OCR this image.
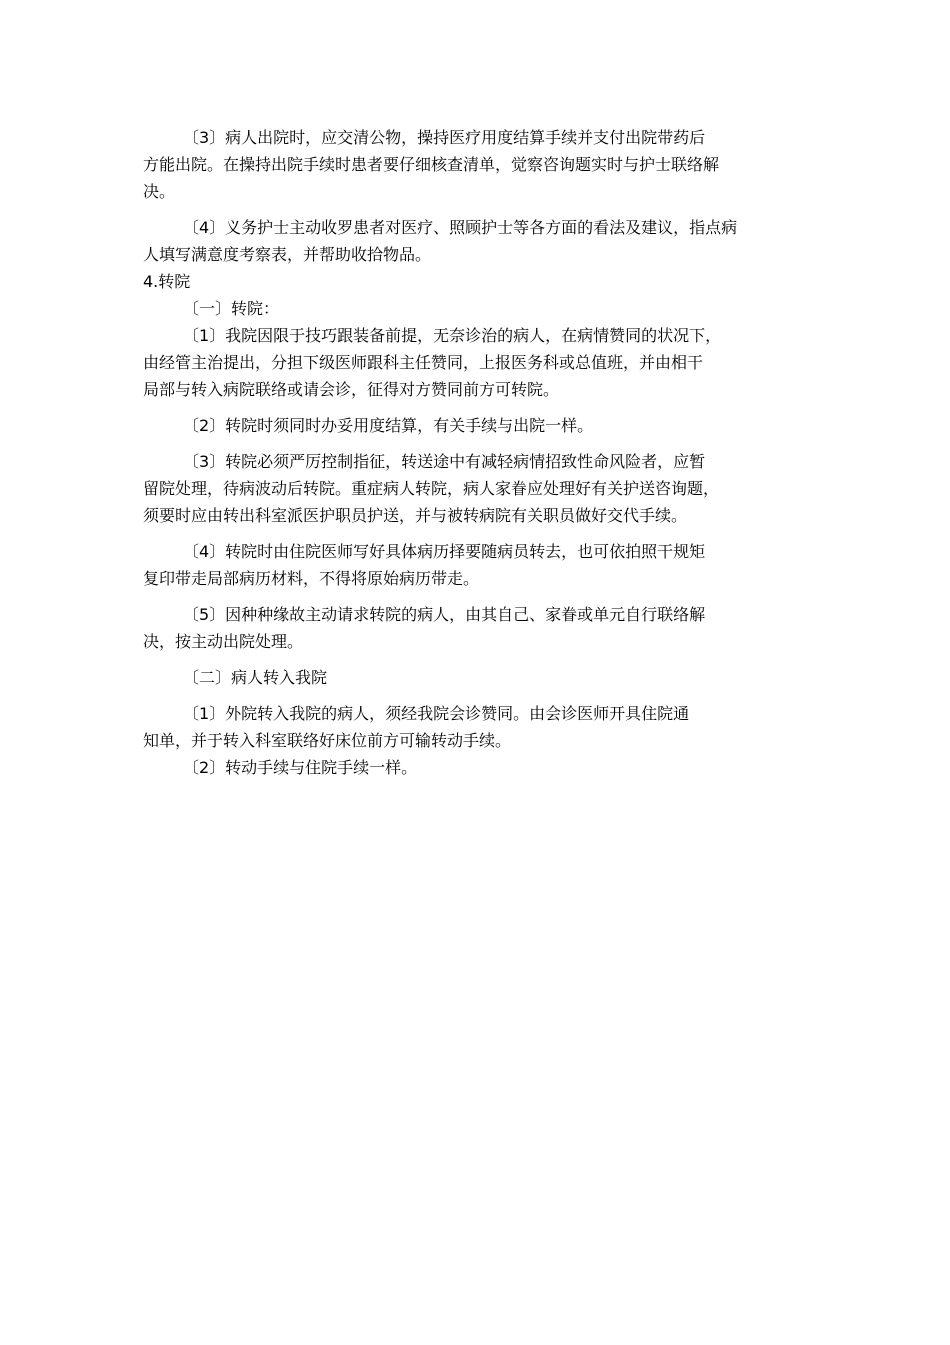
〔3〕病人出院时，应交清公物，操持医疗用度结算手续并支付出院带药后
方能出院。在操持出院手续时患者要仔细核查清单，觉察咨询题实时与护士联络解
决。

〔4〕义务护士主动收罗患者对医疗、照顾护士等各方面的看法及建议，指点病
人填写满意度考察表，并帮助收拾物品。

4.转院

〔一〕转院：

〔1〕我院因限于技巧跟装备前提，无奈诊治的病人，在病情赞同的状况下，
由经管主治提出，分担下级医师跟科主任赞同，上报医务科或总值班，并由相干
局部与转入病院联络或请会诊，征得对方赞同前方可转院。

〔2〕转院时须同时办妥用度结算，有关手续与出院一样。

〔3〕转院必须严厉控制指征，转送途中有减轻病情招致性命风险者，应暂
留院处理，待病波动后转院。重症病人转院，病人家眷应处理好有关护送咨询题，
须要时应由转出科室派医护职员护送，并与被转病院有关职员做好交代手续。

〔4〕转院时由住院医师写好具体病历择要随病员转去，也可依拍照干规矩
复印带走局部病历材料，不得将原始病历带走。

〔5〕因种种缘故主动请求转院的病人，由其自己、家眷或单元自行联络解
决，按主动出院处理。

〔二〕病人转入我院

〔1〕外院转入我院的病人，须经我院会诊赞同。由会诊医师开具住院通
知单，并于转入科室联络好床位前方可输转动手续。

〔2〕转动手续与住院手续一样。
